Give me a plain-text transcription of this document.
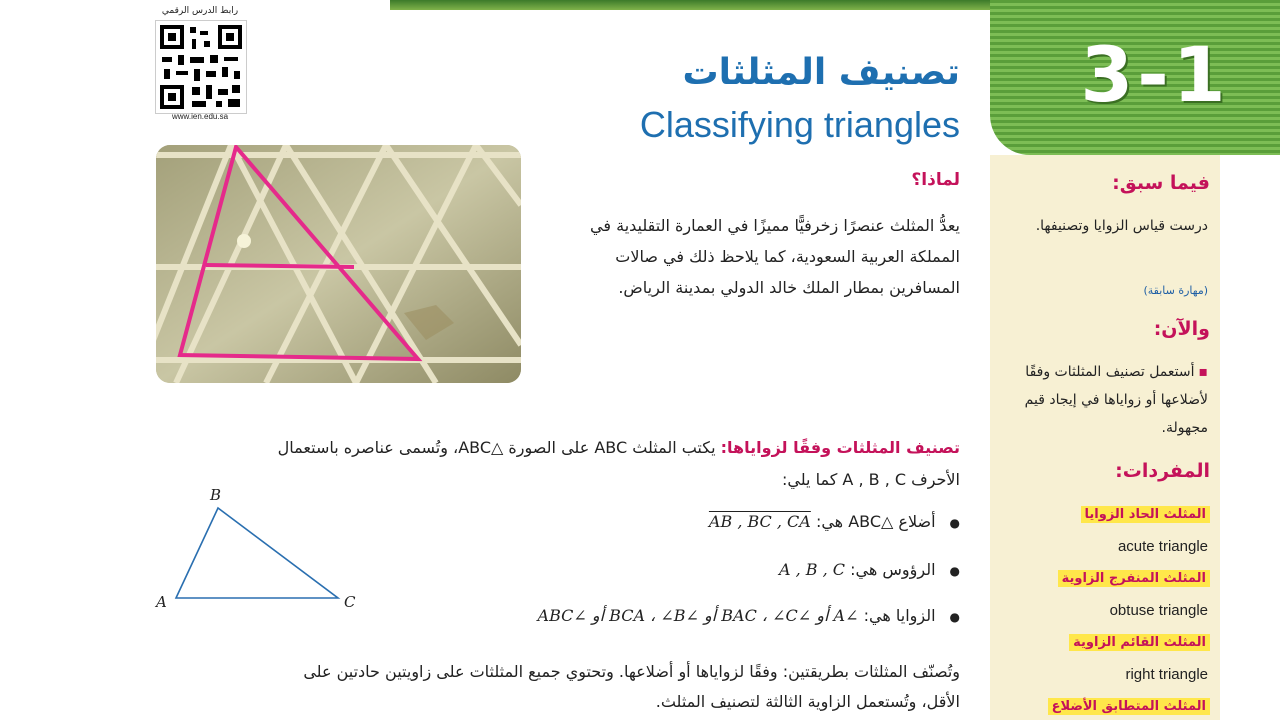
3-1
فيما سبق:
درست قياس الزوايا وتصنيفها.
(مهارة سابقة)
والآن:
▪أستعمل تصنيف المثلثات وفقًا لأضلاعها أو زواياها في إيجاد قيم مجهولة.
المفردات:
المثلث الحاد الزوايا
acute triangle
المثلث المنفرج الزاوية
obtuse triangle
المثلث القائم الزاوية
right triangle
المثلث المتطابق الأضلاع
رابط الدرس الرقمي
www.ien.edu.sa
تصنيف المثلثات
Classifying triangles
لماذا؟
يعدُّ المثلث عنصرًا زخرفيًّا مميزًا في العمارة التقليدية في المملكة العربية السعودية، كما يلاحظ ذلك في صالات المسافرين بمطار الملك خالد الدولي بمدينة الرياض.
تصنيف المثلثات وفقًا لزواياها: يكتب المثلث ABC على الصورة △ABC، وتُسمى عناصره باستعمال
الأحرف A , B , C كما يلي:
●أضلاع △ABC هي: AB , BC , CA
●الرؤوس هي: A , B , C
●الزوايا هي: ∠A أو ∠BAC ، ∠C أو ∠BCA ، ∠B أو ∠ABC
وتُصنّف المثلثات بطريقتين: وفقًا لزواياها أو أضلاعها. وتحتوي جميع المثلثات على زاويتين حادتين على
الأقل، وتُستعمل الزاوية الثالثة لتصنيف المثلث.
B
A	C
